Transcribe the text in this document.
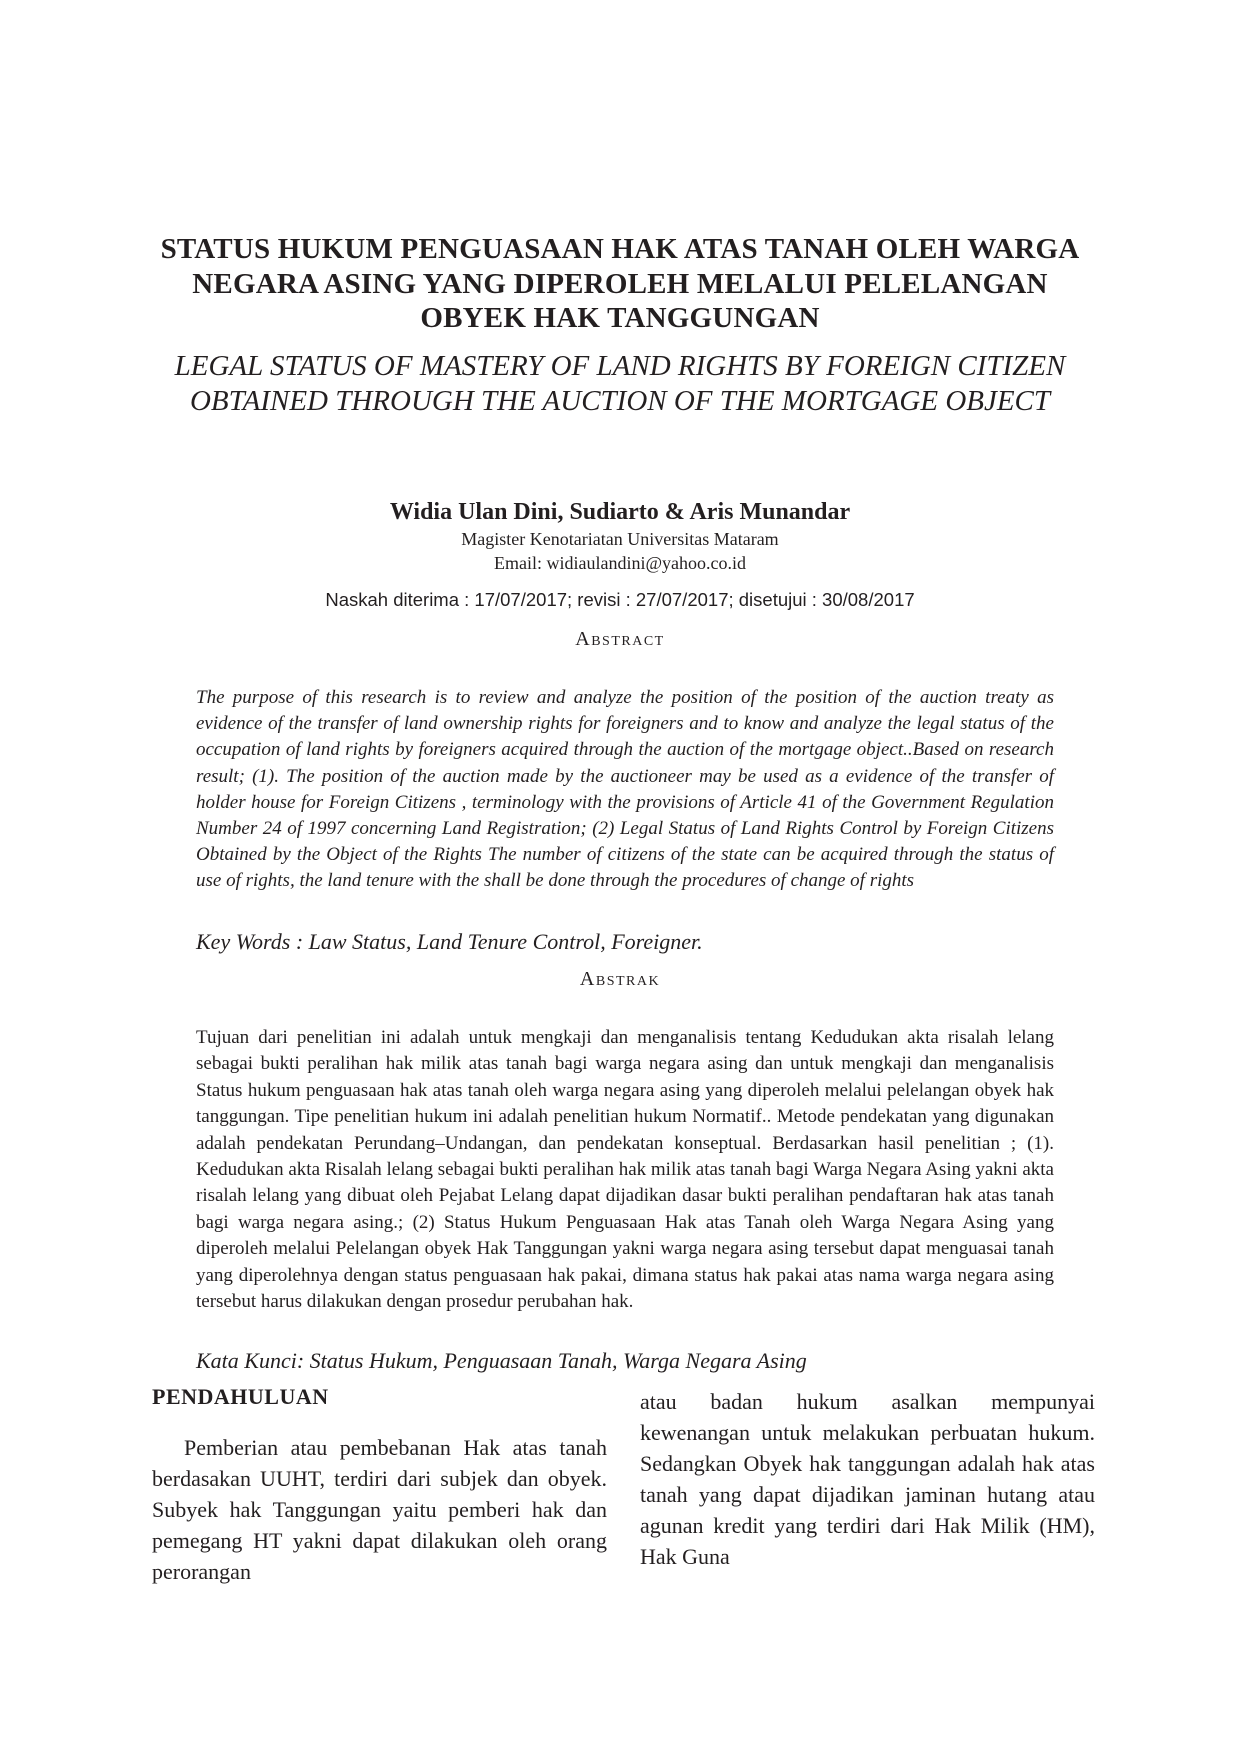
STATUS HUKUM PENGUASAAN HAK ATAS TANAH OLEH WARGA NEGARA ASING YANG DIPEROLEH MELALUI PELELANGAN OBYEK HAK TANGGUNGAN
LEGAL STATUS OF MASTERY OF LAND RIGHTS BY FOREIGN CITIZEN OBTAINED THROUGH THE AUCTION OF THE MORTGAGE OBJECT
Widia Ulan Dini, Sudiarto & Aris Munandar
Magister Kenotariatan Universitas Mataram
Email: widiaulandini@yahoo.co.id
Naskah diterima : 17/07/2017; revisi : 27/07/2017; disetujui : 30/08/2017
Abstract
The purpose of this research is to review and analyze the position of the position of the auction treaty as evidence of the transfer of land ownership rights for foreigners and to know and analyze the legal status of the occupation of land rights by foreigners acquired through the auction of the mortgage object..Based on research result; (1). The position of the auction made by the auctioneer may be used as a evidence of the transfer of holder house for Foreign Citizens , terminology with the provisions of Article 41 of the Government Regulation Number 24 of 1997 concerning Land Registration; (2) Legal Status of Land Rights Control by Foreign Citizens Obtained by the Object of the Rights The number of citizens of the state can be acquired through the status of use of rights, the land tenure with the shall be done through the procedures of change of rights
Key Words : Law Status, Land Tenure Control, Foreigner.
Abstrak
Tujuan dari penelitian ini adalah untuk mengkaji dan menganalisis tentang Kedudukan akta risalah lelang sebagai bukti peralihan hak milik atas tanah bagi warga negara asing dan untuk mengkaji dan menganalisis Status hukum penguasaan hak atas tanah oleh warga negara asing yang diperoleh melalui pelelangan obyek hak tanggungan. Tipe penelitian hukum ini adalah penelitian hukum Normatif.. Metode pendekatan yang digunakan adalah pendekatan Perundang–Undangan, dan pendekatan konseptual. Berdasarkan hasil penelitian ; (1). Kedudukan akta Risalah lelang sebagai bukti peralihan hak milik atas tanah bagi Warga Negara Asing yakni akta risalah lelang yang dibuat oleh Pejabat Lelang dapat dijadikan dasar bukti peralihan pendaftaran hak atas tanah bagi warga negara asing.; (2) Status Hukum Penguasaan Hak atas Tanah oleh Warga Negara Asing yang diperoleh melalui Pelelangan obyek Hak Tanggungan yakni warga negara asing tersebut dapat menguasai tanah yang diperolehnya dengan status penguasaan hak pakai, dimana status hak pakai atas nama warga negara asing tersebut harus dilakukan dengan prosedur perubahan hak.
Kata Kunci: Status Hukum, Penguasaan Tanah, Warga Negara Asing
PENDAHULUAN
Pemberian atau pembebanan Hak atas tanah berdasakan UUHT, terdiri dari subjek dan obyek. Subyek hak Tanggungan yaitu pemberi hak dan pemegang HT yakni dapat dilakukan oleh orang perorangan
atau badan hukum asalkan mempunyai kewenangan untuk melakukan perbuatan hukum. Sedangkan Obyek hak tanggungan adalah hak atas tanah yang dapat dijadikan jaminan hutang atau agunan kredit yang terdiri dari Hak Milik (HM), Hak Guna
